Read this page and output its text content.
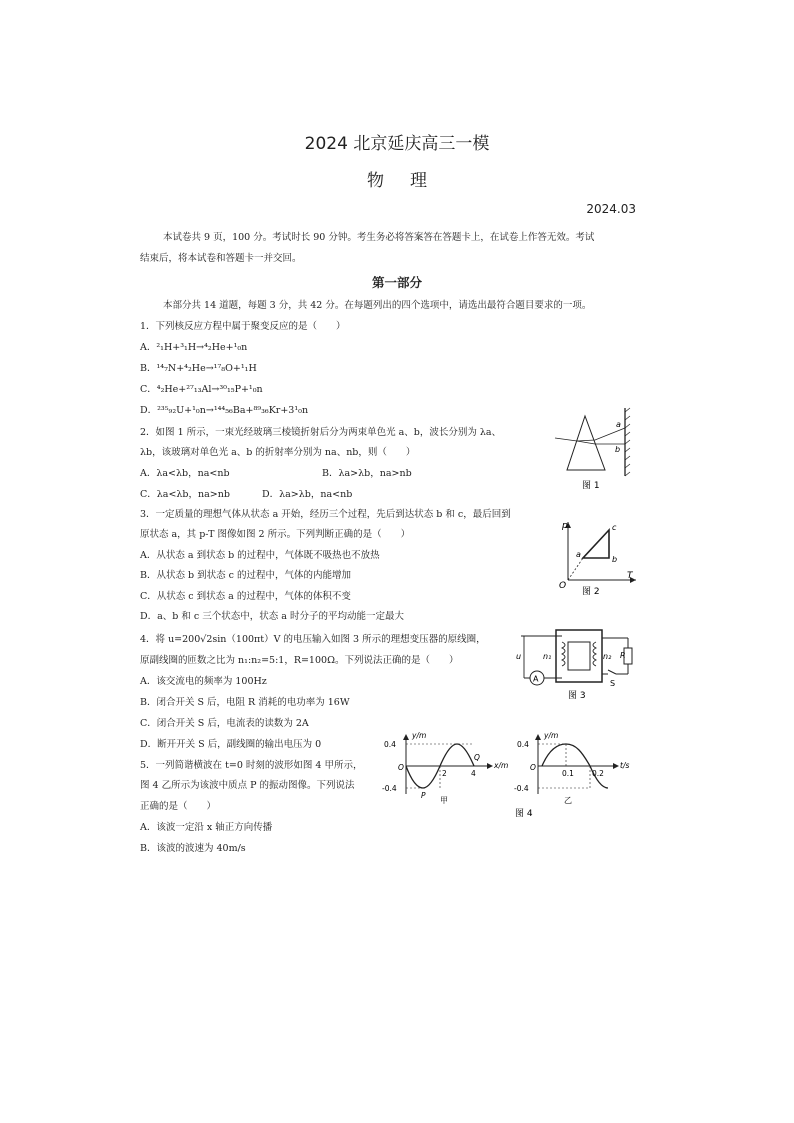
2024 北京延庆高三一模
物理
2024.03
本试卷共 9 页，100 分。考试时长 90 分钟。考生务必将答案答在答题卡上，在试卷上作答无效。考试
结束后，将本试卷和答题卡一并交回。
第一部分
本部分共 14 道题，每题 3 分，共 42 分。在每题列出的四个选项中，请选出最符合题目要求的一项。
1．下列核反应方程中属于聚变反应的是（　　）
A．²₁H+³₁H→⁴₂He+¹₀n
B．¹⁴₇N+⁴₂He→¹⁷₈O+¹₁H
C．⁴₂He+²⁷₁₃Al→³⁰₁₅P+¹₀n
D．²³⁵₉₂U+¹₀n→¹⁴⁴₅₆Ba+⁸⁹₃₆Kr+3¹₀n
2．如图 1 所示，一束光经玻璃三棱镜折射后分为两束单色光 a、b，波长分别为 λa、
λb，该玻璃对单色光 a、b 的折射率分别为 na、nb，则（　　）
A．λa<λb，na<nb	B．λa>λb，na>nb
C．λa<λb，na>nb	D．λa>λb，na<nb
a
b
图 1
3．一定质量的理想气体从状态 a 开始，经历三个过程，先后到达状态 b 和 c，最后回到
原状态 a，其 p-T 图像如图 2 所示。下列判断正确的是（　　）
A．从状态 a 到状态 b 的过程中，气体既不吸热也不放热
B．从状态 b 到状态 c 的过程中，气体的内能增加
C．从状态 c 到状态 a 的过程中，气体的体积不变
D．a、b 和 c 三个状态中，状态 a 时分子的平均动能一定最大
p
T
O
a
b
c
图 2
4．将 u=200√2sin（100πt）V 的电压输入如图 3 所示的理想变压器的原线圈，
原副线圈的匝数之比为 n₁:n₂=5:1，R=100Ω。下列说法正确的是（　　）
A．该交流电的频率为 100Hz
B．闭合开关 S 后，电阻 R 消耗的电功率为 16W
C．闭合开关 S 后，电流表的读数为 2A
D．断开开关 S 后，副线圈的输出电压为 0
A
u	n₁	n₂ R
S
图 3
5．一列简谐横波在 t=0 时刻的波形如图 4 甲所示，
图 4 乙所示为该波中质点 P 的振动图像。下列说法
正确的是（　　）
A．该波一定沿 x 轴正方向传播
B．该波的波速为 40m/s
0.4
-0.4
O
2	4
y/m
x/m
P
Q
甲
0.4
-0.4
O
0.1 0.2
y/m
t/s
乙
图 4
